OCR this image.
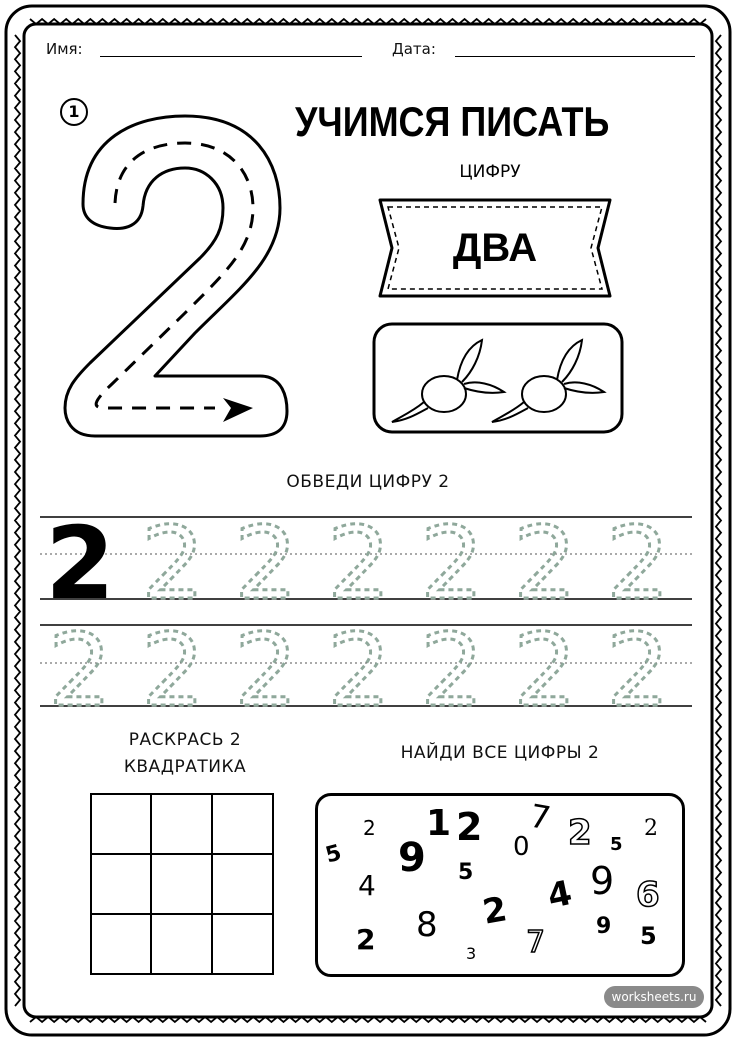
Имя:	Дата:
1	УЧИМСЯ ПИСАТЬ
ЦИФРУ
ДВА
ОБВЕДИ ЦИФРУ 2
2 2 2 2 2 2 2
2 2 2 2 2 2 2
РАСКРАСЬ 2
КВАДРАТИКА
НАЙДИ ВСЕ ЦИФРЫ 2
2
9
1 2 0
7 2 5
2
5
4	5
4 9 6
2 8 2
3 7 9 5
worksheets.ru
